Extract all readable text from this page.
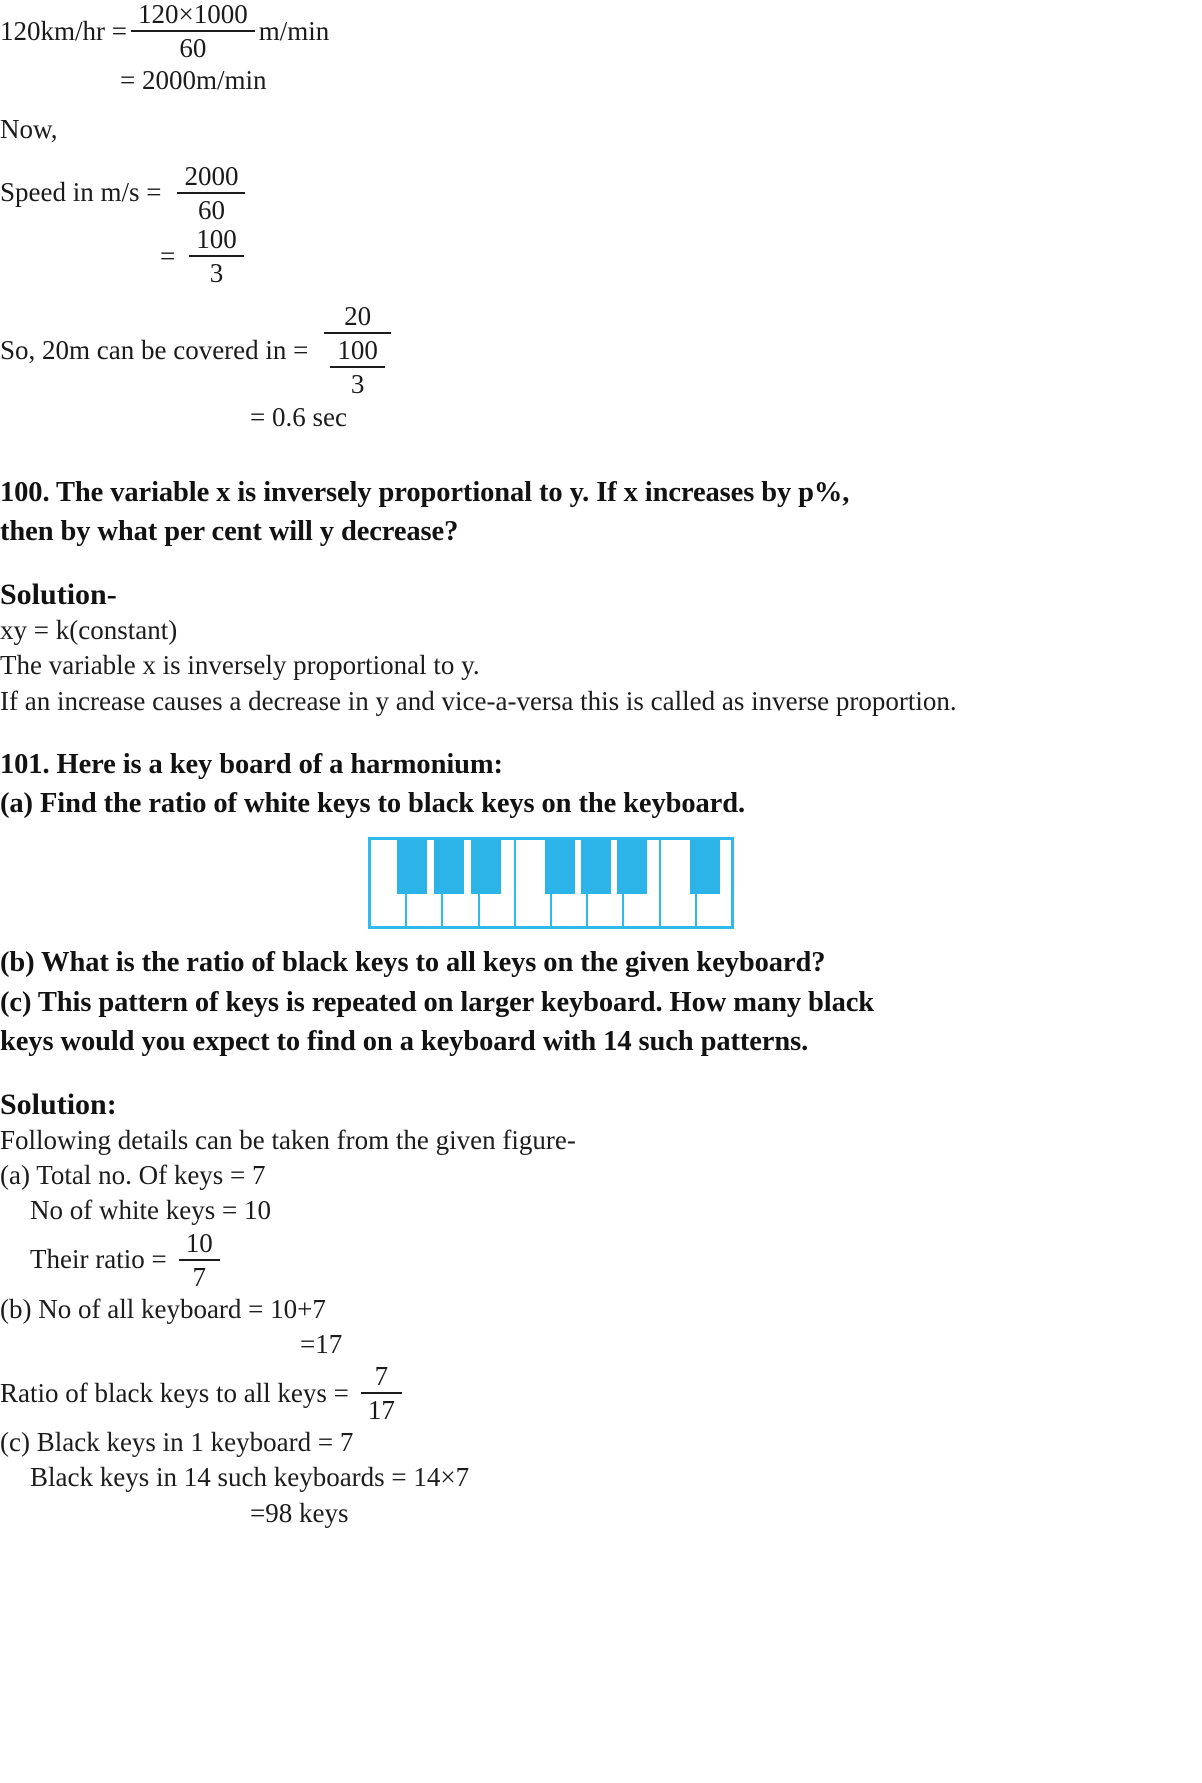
$120km/hr = \frac{120\times 1000}{60} m/\min$
= 2000m/min
Now,
Speed in $m/s = \frac{2000}{60}$
= $\frac{100}{3}$
So, 20m can be covered in = $\frac{20}{\frac{100}{3}}$
= 0.6 sec
100. The variable x is inversely proportional to y. If x increases by p%,
then by what per cent will y decrease?
Solution-
xy = k(constant)
The variable x is inversely proportional to y.
If an increase causes a decrease in y and vice-a-versa this is called as inverse proportion.
101. Here is a key board of a harmonium:
(a) Find the ratio of white keys to black keys on the keyboard.
(b) What is the ratio of black keys to all keys on the given keyboard?
(c) This pattern of keys is repeated on larger keyboard. How many black
keys would you expect to find on a keyboard with 14 such patterns.
Solution:
Following details can be taken from the given figure-
(a) Total no. Of keys = 7
No of white keys = 10
Their ratio = $\frac{10}{7}$
(b) No of all keyboard = 10+7
=17
Ratio of black keys to all keys = $\frac{7}{17}$
(c) Black keys in 1 keyboard = 7
Black keys in 14 such keyboards = 14×7
=98 keys
